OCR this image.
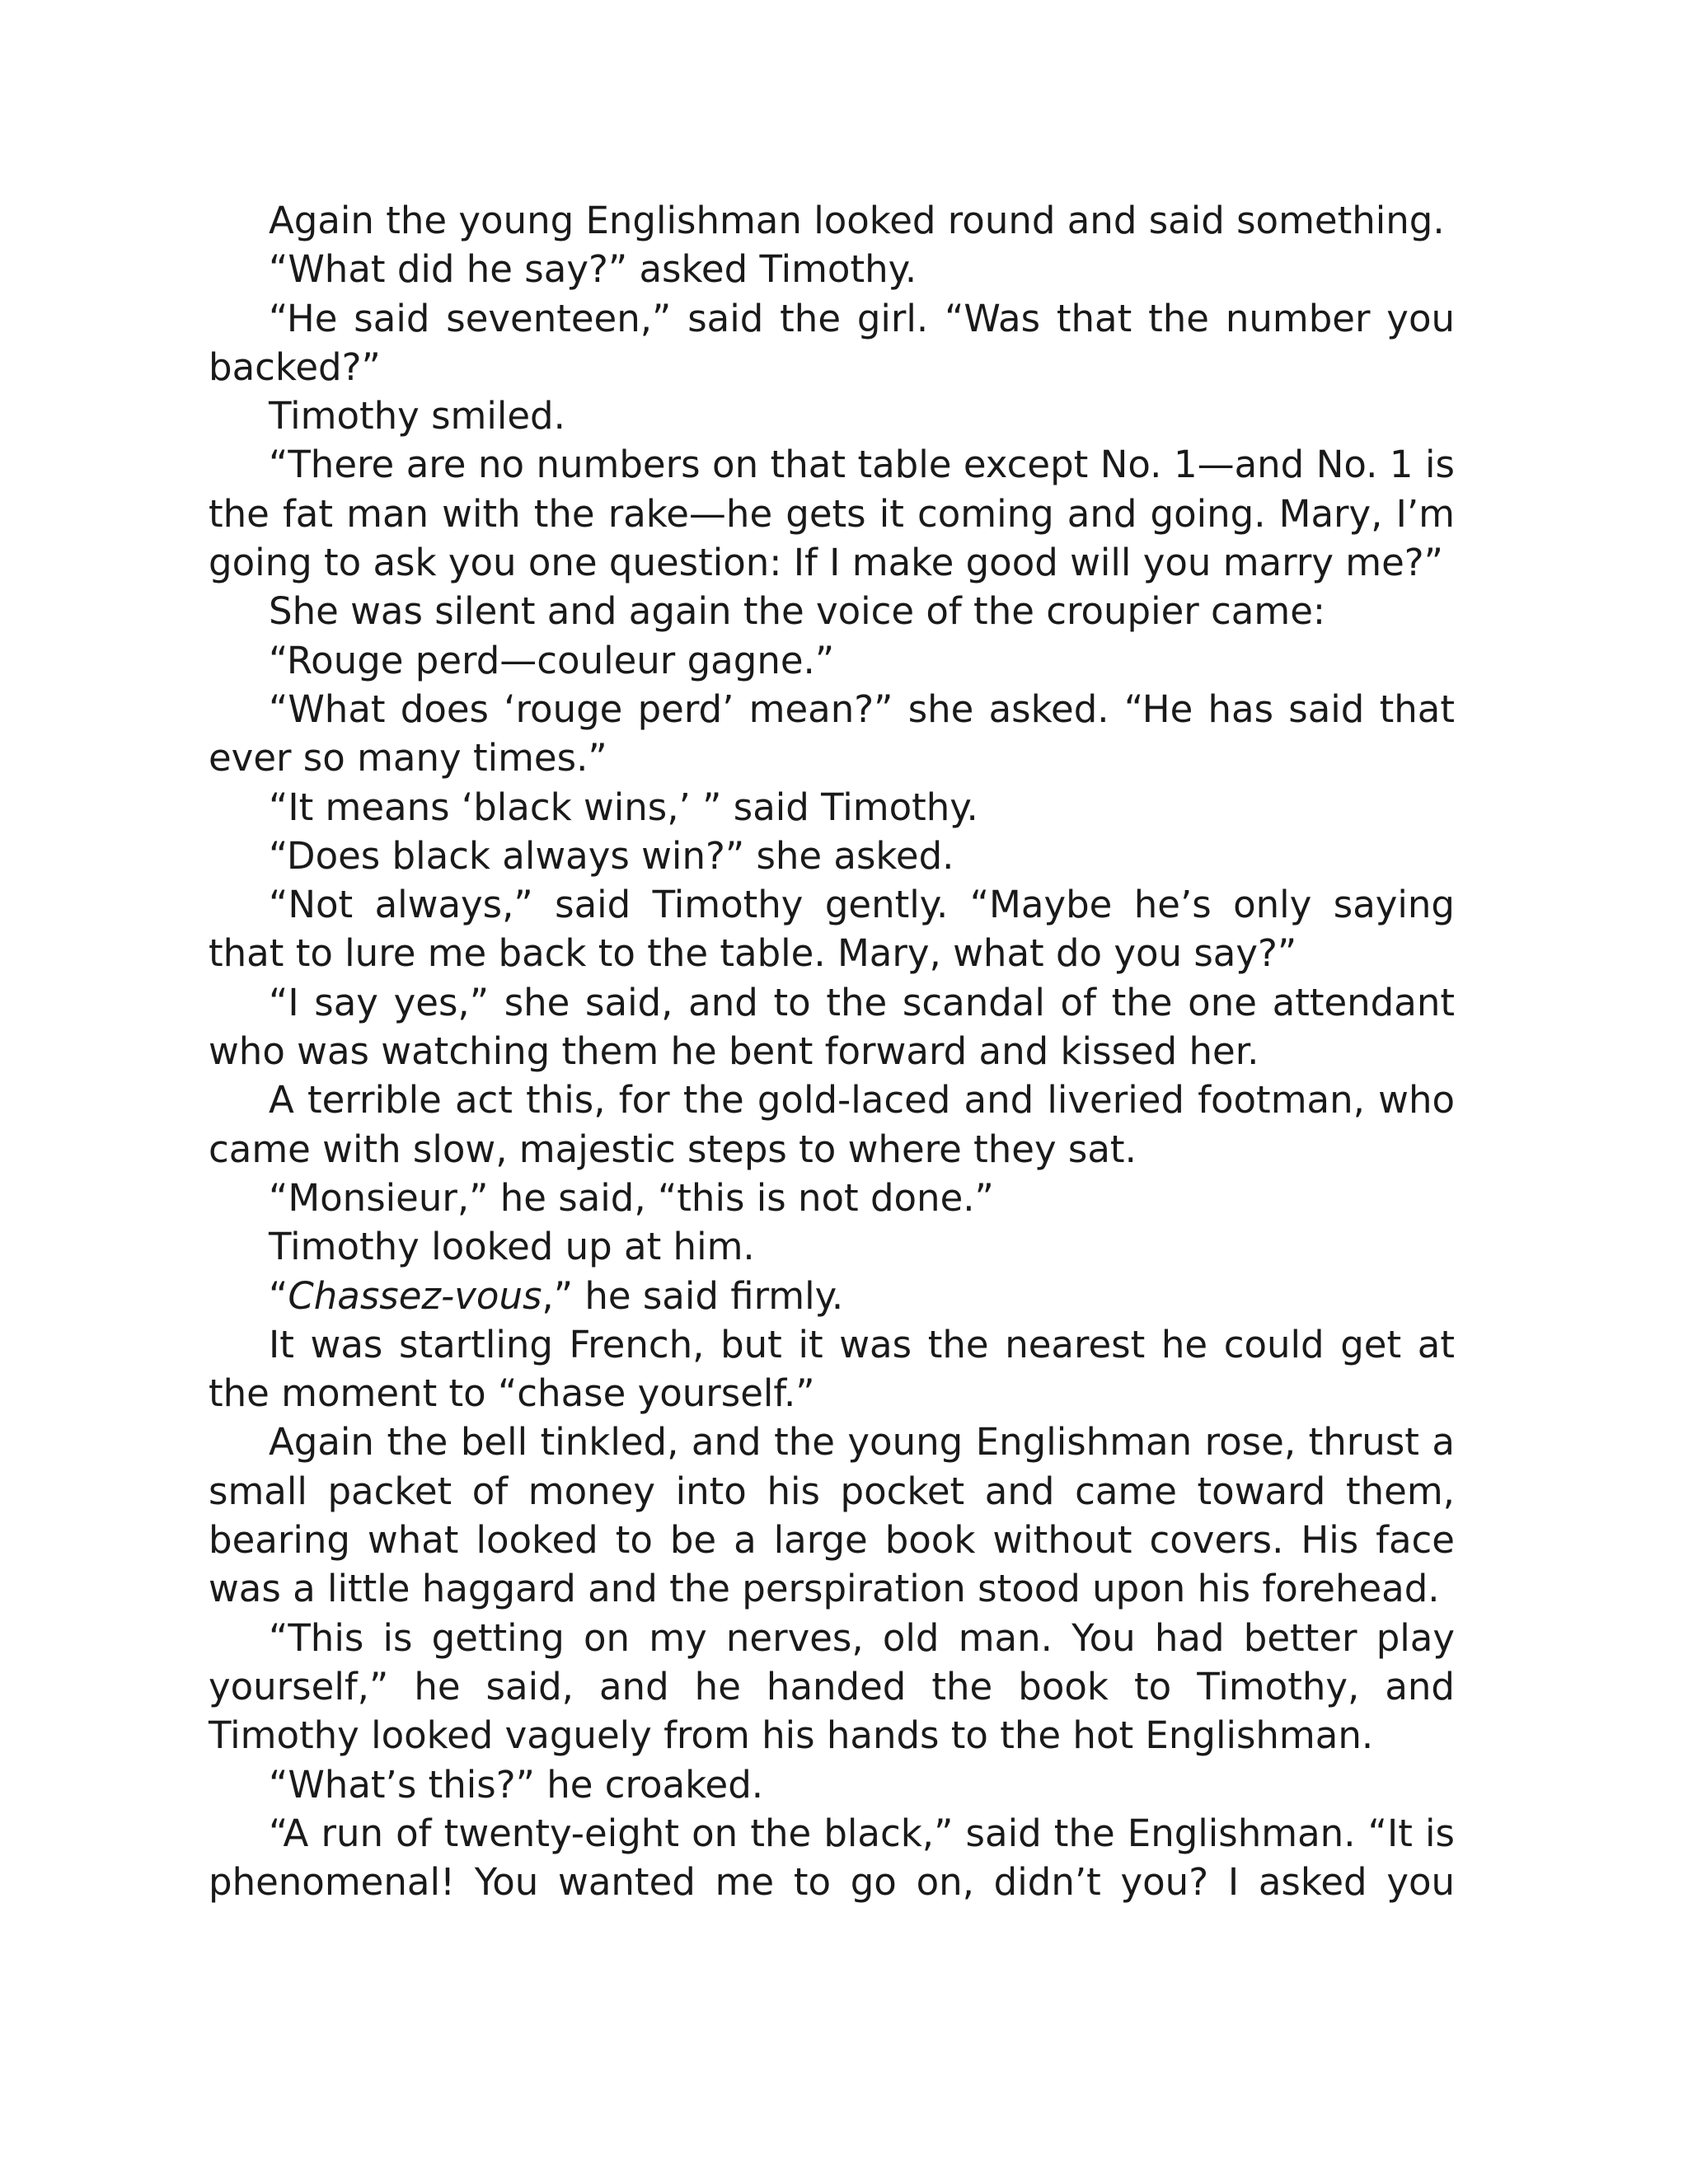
Again the young Englishman looked round and said something.

“What did he say?” asked Timothy.

“He said seventeen,” said the girl. “Was that the number you backed?”

Timothy smiled.

“There are no numbers on that table except No. 1—and No. 1 is the fat man with the rake—he gets it coming and going. Mary, I’m going to ask you one question: If I make good will you marry me?”

She was silent and again the voice of the croupier came:

“Rouge perd—couleur gagne.”

“What does ‘rouge perd’ mean?” she asked. “He has said that ever so many times.”

“It means ‘black wins,’ ” said Timothy.

“Does black always win?” she asked.

“Not always,” said Timothy gently. “Maybe he’s only saying that to lure me back to the table. Mary, what do you say?”

“I say yes,” she said, and to the scandal of the one attendant who was watching them he bent forward and kissed her.

A terrible act this, for the gold-laced and liveried footman, who came with slow, majestic steps to where they sat.

“Monsieur,” he said, “this is not done.”

Timothy looked up at him.

“Chassez-vous,” he said firmly.

It was startling French, but it was the nearest he could get at the moment to “chase yourself.”

Again the bell tinkled, and the young Englishman rose, thrust a small packet of money into his pocket and came toward them, bearing what looked to be a large book without covers. His face was a little haggard and the perspiration stood upon his forehead.

“This is getting on my nerves, old man. You had better play yourself,” he said, and he handed the book to Timothy, and Timothy looked vaguely from his hands to the hot Englishman.

“What’s this?” he croaked.

“A run of twenty-eight on the black,” said the Englishman. “It is phenomenal! You wanted me to go on, didn’t you? I asked you
